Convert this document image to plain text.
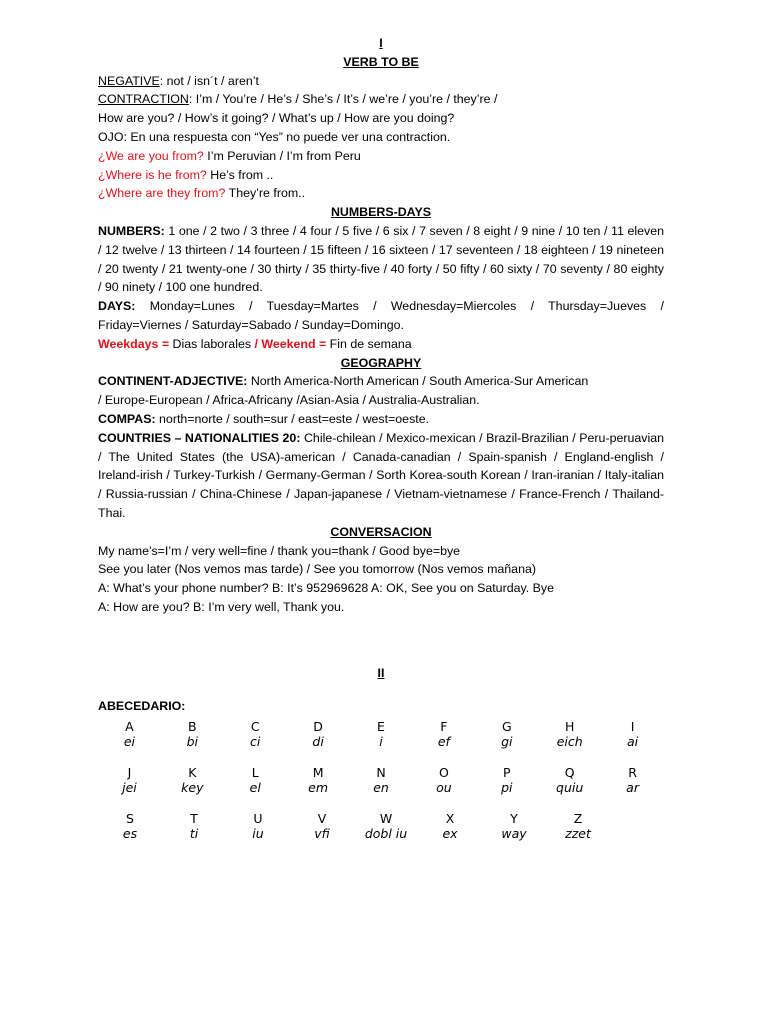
I
VERB TO BE

NEGATIVE: not / isn´t / aren’t

CONTRACTION: I’m / You’re / He’s / She’s / It’s / we’re / you’re / they’re /

How are you? / How’s it going? / What’s up / How are you doing?

OJO: En una respuesta con “Yes” no puede ver una contraction.

¿We are you from? I’m Peruvian / I’m from Peru

¿Where is he from? He’s from ..

¿Where are they from? They’re from..

NUMBERS-DAYS

NUMBERS: 1 one / 2 two / 3 three / 4 four / 5 five / 6 six / 7 seven / 8 eight / 9 nine / 10 ten / 11 eleven / 12 twelve / 13 thirteen / 14 fourteen / 15 fifteen / 16 sixteen / 17 seventeen / 18 eighteen / 19 nineteen / 20 twenty / 21 twenty-one / 30 thirty / 35 thirty-five / 40 forty / 50 fifty / 60 sixty / 70 seventy / 80 eighty / 90 ninety / 100 one hundred.

DAYS: Monday=Lunes / Tuesday=Martes / Wednesday=Miercoles / Thursday=Jueves / Friday=Viernes / Saturday=Sabado / Sunday=Domingo.

Weekdays = Dias laborales / Weekend = Fin de semana

GEOGRAPHY

CONTINENT-ADJECTIVE: North America-North American / South America-Sur American

/ Europe-European / Africa-Africany /Asian-Asia / Australia-Australian.

COMPAS: north=norte / south=sur / east=este / west=oeste.

COUNTRIES – NATIONALITIES 20: Chile-chilean / Mexico-mexican / Brazil-Brazilian / Peru-peruavian / The United States (the USA)-american / Canada-canadian / Spain-spanish / England-english / Ireland-irish / Turkey-Turkish / Germany-German / Sorth Korea-south Korean / Iran-iranian / Italy-italian / Russia-russian / China-Chinese / Japan-japanese / Vietnam-vietnamese / France-French / Thailand-Thai.

CONVERSACION

My name’s=I’m / very well=fine / thank you=thank / Good bye=bye

See you later (Nos vemos mas tarde) / See you tomorrow (Nos vemos mañana)

A: What’s your phone number? B: It’s 952969628 A: OK, See you on Saturday. Bye

A: How are you? B: I’m very well, Thank you.

II

ABECEDARIO:

A
ei
B
bi
C
ci
D
di
E
i
F
ef
G
gi
H
eich
I
ai
J
jei
K
key
L
el
M
em
N
en
O
ou
P
pi
Q
quiu
R
ar
S
es
T
ti
U
iu
V
vfi
W
dobl iu
X
ex
Y
way
Z
zzet
